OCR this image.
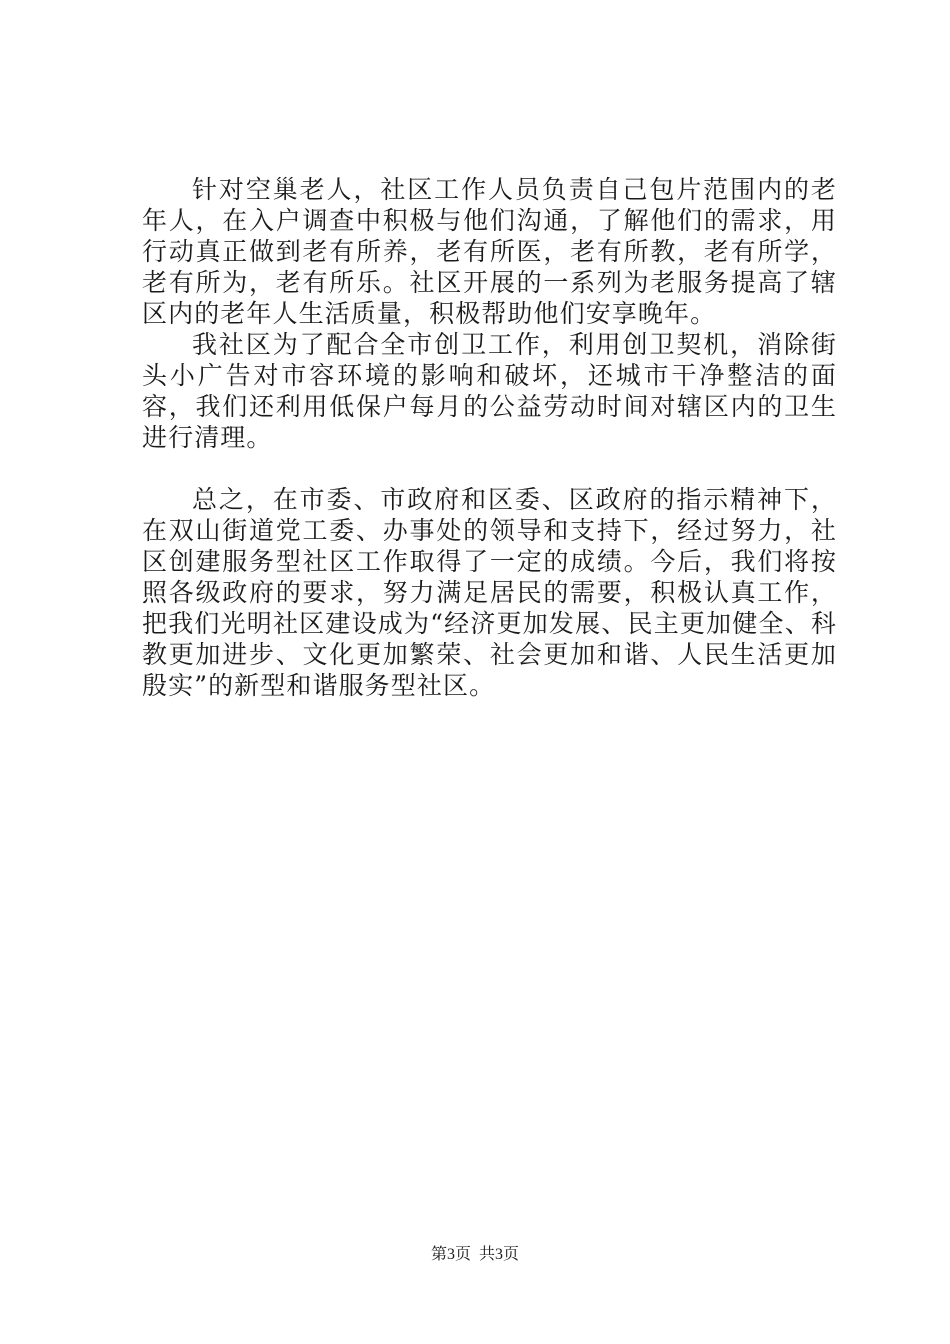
针对空巢老人，社区工作人员负责自己包片范围内的老年人，在入户调查中积极与他们沟通，了解他们的需求，用行动真正做到老有所养，老有所医，老有所教，老有所学，老有所为，老有所乐。社区开展的一系列为老服务提高了辖区内的老年人生活质量，积极帮助他们安享晚年。

我社区为了配合全市创卫工作，利用创卫契机，消除街头小广告对市容环境的影响和破坏，还城市干净整洁的面容，我们还利用低保户每月的公益劳动时间对辖区内的卫生进行清理。

总之，在市委、市政府和区委、区政府的指示精神下，在双山街道党工委、办事处的领导和支持下，经过努力，社区创建服务型社区工作取得了一定的成绩。今后，我们将按照各级政府的要求，努力满足居民的需要，积极认真工作，把我们光明社区建设成为“经济更加发展、民主更加健全、科教更加进步、文化更加繁荣、社会更加和谐、人民生活更加殷实”的新型和谐服务型社区。

第3页 共3页
